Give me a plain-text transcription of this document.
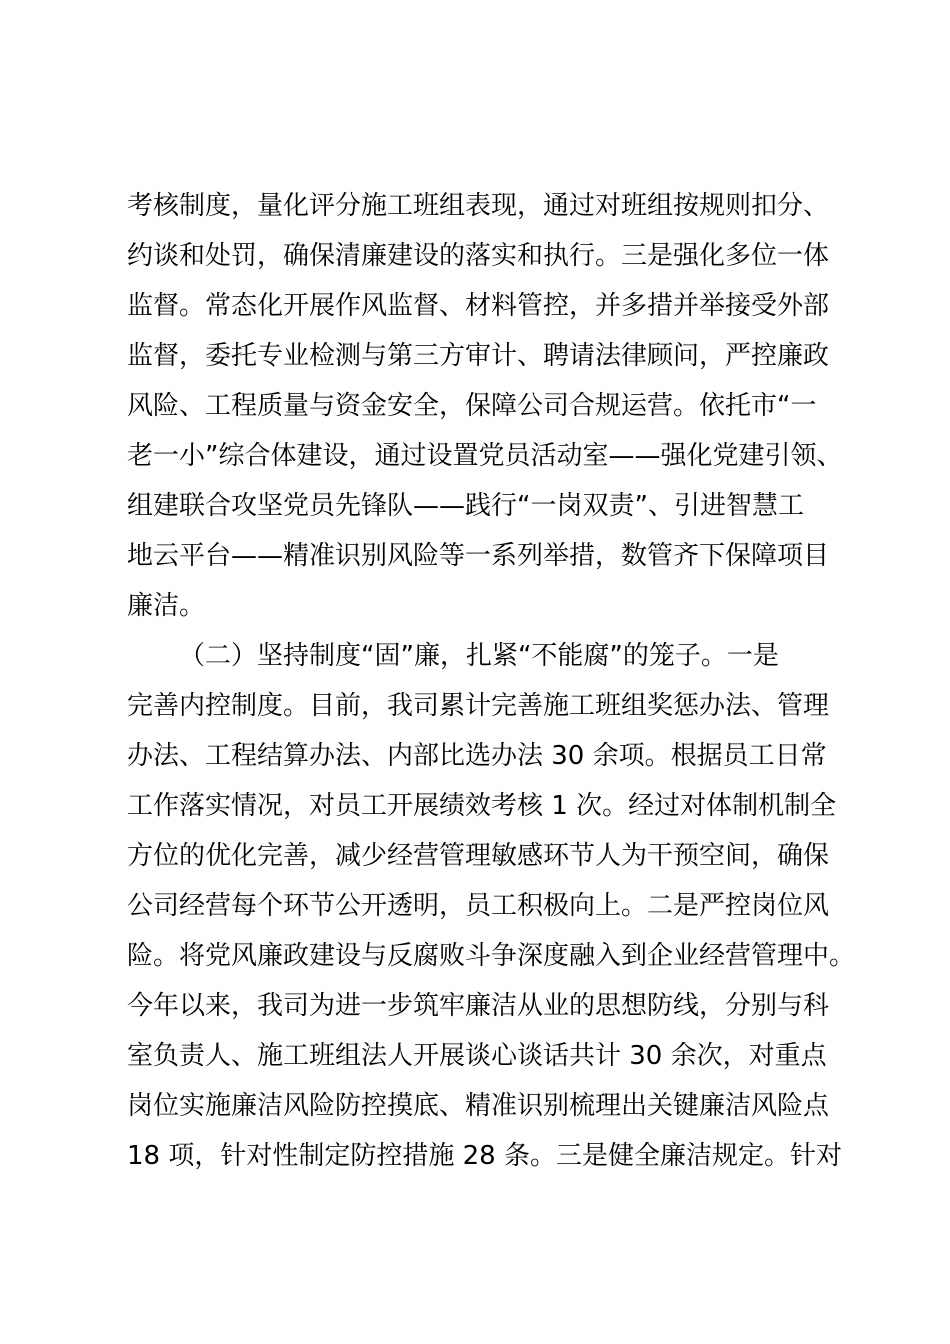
考核制度，量化评分施工班组表现，通过对班组按规则扣分、
约谈和处罚，确保清廉建设的落实和执行。三是强化多位一体
监督。常态化开展作风监督、材料管控，并多措并举接受外部
监督，委托专业检测与第三方审计、聘请法律顾问，严控廉政
风险、工程质量与资金安全，保障公司合规运营。依托市“一
老一小”综合体建设，通过设置党员活动室——强化党建引领、
组建联合攻坚党员先锋队——践行“一岗双责”、引进智慧工
地云平台——精准识别风险等一系列举措，数管齐下保障项目
廉洁。
（二）坚持制度“固”廉，扎紧“不能腐”的笼子。一是
完善内控制度。目前，我司累计完善施工班组奖惩办法、管理
办法、工程结算办法、内部比选办法 30 余项。根据员工日常
工作落实情况，对员工开展绩效考核 1 次。经过对体制机制全
方位的优化完善，减少经营管理敏感环节人为干预空间，确保
公司经营每个环节公开透明，员工积极向上。二是严控岗位风
险。将党风廉政建设与反腐败斗争深度融入到企业经营管理中。
今年以来，我司为进一步筑牢廉洁从业的思想防线，分别与科
室负责人、施工班组法人开展谈心谈话共计 30 余次，对重点
岗位实施廉洁风险防控摸底、精准识别梳理出关键廉洁风险点
18 项，针对性制定防控措施 28 条。三是健全廉洁规定。针对
